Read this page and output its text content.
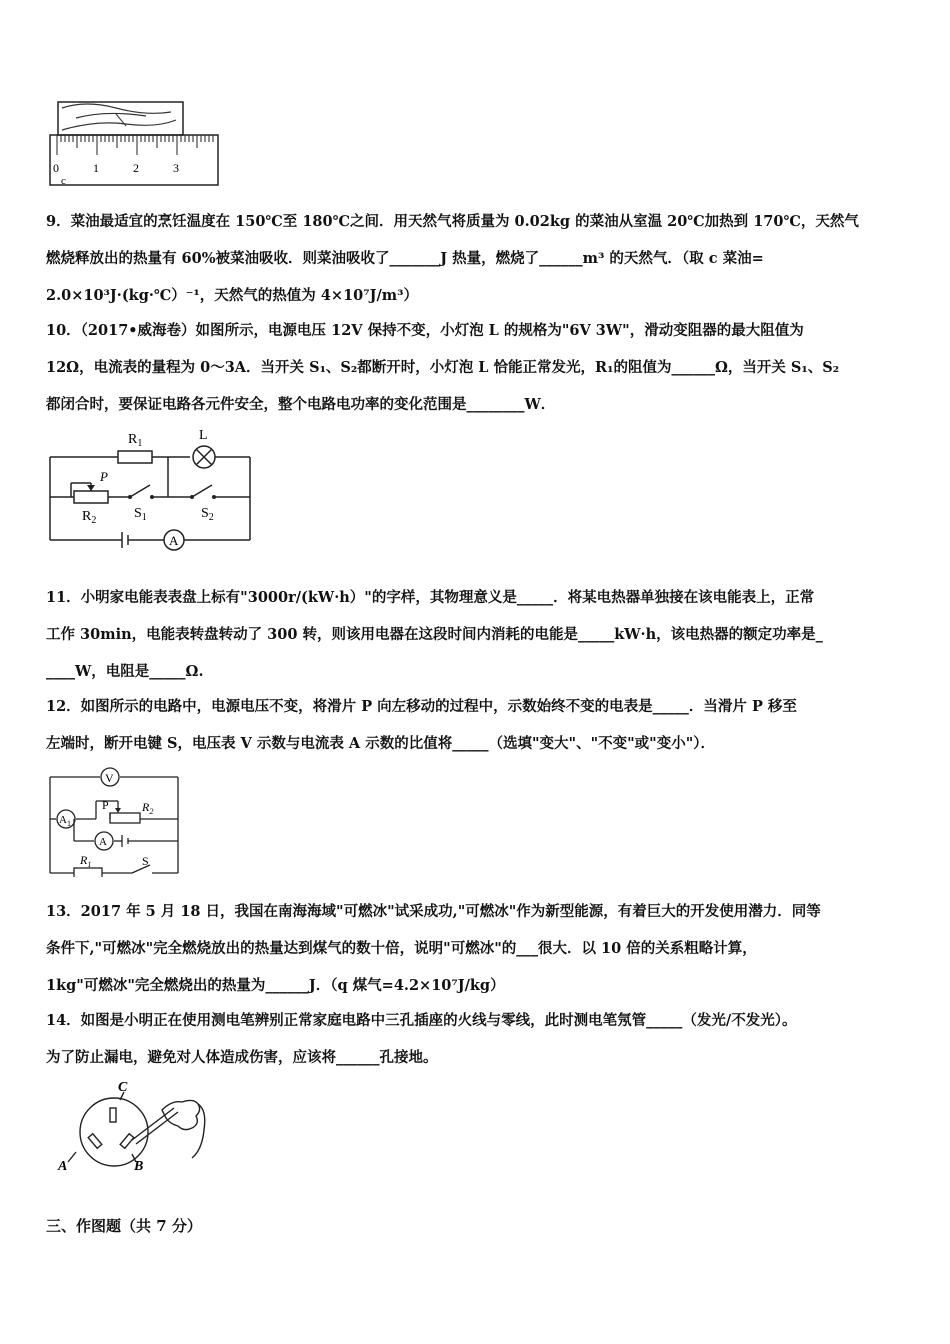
0	1	2	3
c
9．菜油最适宜的烹饪温度在 150℃至 180℃之间．用天然气将质量为 0.02kg 的菜油从室温 20℃加热到 170℃，天然气
燃烧释放出的热量有 60%被菜油吸收．则菜油吸收了_______J 热量，燃烧了______m³ 的天然气．（取 c 菜油=
2.0×10³J·(kg·℃）⁻¹，天然气的热值为 4×10⁷J/m³）
10．（2017•威海卷）如图所示，电源电压 12V 保持不变，小灯泡 L 的规格为"6V 3W"，滑动变阻器的最大阻值为
12Ω，电流表的量程为 0～3A．当开关 S₁、S₂都断开时，小灯泡 L 恰能正常发光，R₁的阻值为______Ω，当开关 S₁、S₂
都闭合时，要保证电路各元件安全，整个电路电功率的变化范围是________W．
$R_1$
L
P
$R_2$	$S_1$	$S_2$
A
11．小明家电能表表盘上标有"3000r/(kW·h）"的字样，其物理意义是_____．将某电热器单独接在该电能表上，正常
工作 30min，电能表转盘转动了 300 转，则该用电器在这段时间内消耗的电能是_____kW·h，该电热器的额定功率是_
____W，电阻是_____Ω.
12．如图所示的电路中，电源电压不变，将滑片 P 向左移动的过程中，示数始终不变的电表是_____．当滑片 P 移至
左端时，断开电键 S，电压表 V 示数与电流表 A 示数的比值将_____（选填"变大"、"不变"或"变小"）．
V
$A_1$
P	$R_2$
A
$R_1$	S
13．2017 年 5 月 18 日，我国在南海海域"可燃冰"试采成功,"可燃冰"作为新型能源，有着巨大的开发使用潜力．同等
条件下,"可燃冰"完全燃烧放出的热量达到煤气的数十倍，说明"可燃冰"的___很大．以 10 倍的关系粗略计算，
1kg"可燃冰"完全燃烧出的热量为______J．（q 煤气=4.2×10⁷J/kg）
14．如图是小明正在使用测电笔辨别正常家庭电路中三孔插座的火线与零线，此时测电笔氖管_____（发光/不发光）。
为了防止漏电，避免对人体造成伤害，应该将______孔接地。
C
A	B
三、作图题（共 7 分）
